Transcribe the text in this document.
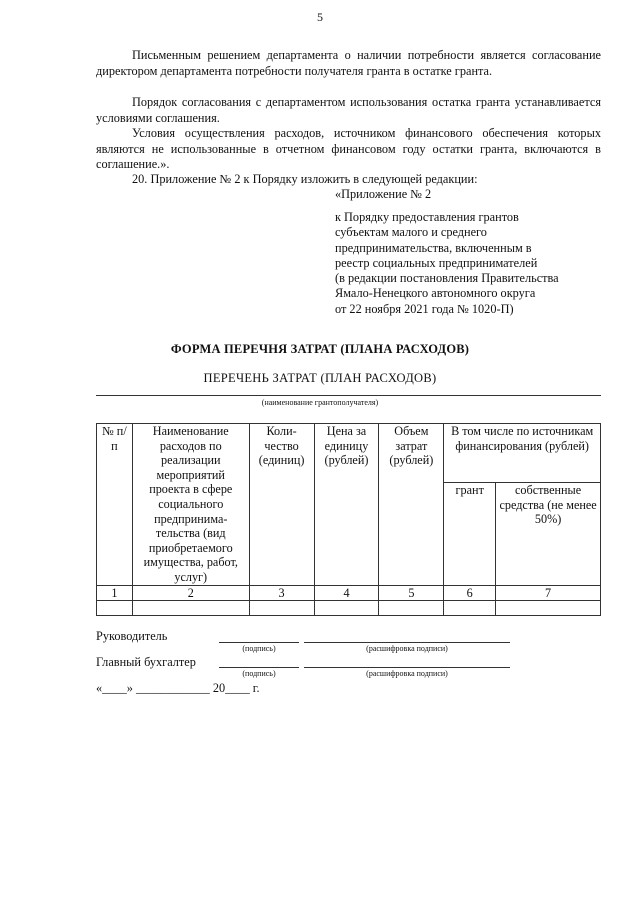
5
Письменным решением департамента о наличии потребности является согласование директором департамента потребности получателя гранта в остатке гранта.
Порядок согласования с департаментом использования остатка гранта устанавливается условиями соглашения.
Условия осуществления расходов, источником финансового обеспечения которых являются не использованные в отчетном финансовом году остатки гранта, включаются в соглашение.».
20. Приложение № 2 к Порядку изложить в следующей редакции:
«Приложение № 2
к Порядку предоставления грантов
субъектам малого и среднего
предпринимательства, включенным в
реестр социальных предпринимателей
(в редакции постановления Правительства
Ямало-Ненецкого автономного округа
от 22 ноября 2021 года № 1020-П)
ФОРМА ПЕРЕЧНЯ ЗАТРАТ (ПЛАНА РАСХОДОВ)
ПЕРЕЧЕНЬ ЗАТРАТ (ПЛАН РАСХОДОВ)
(наименование грантополучателя)
№ п/п	Наименование расходов по реализации мероприятий проекта в сфере социального предпринима-тельства (вид приобретаемого имущества, работ, услуг)	Коли-чество (единиц)	Цена за единицу (рублей)	Объем затрат (рублей)	В том числе по источникам финансирования (рублей)	
					грант	собственные средства (не менее 50%)
1	2	3	4	5	6	7

Руководитель
(подпись)	(расшифровка подписи)
Главный бухгалтер
(подпись)	(расшифровка подписи)
«____» ____________ 20____ г.
